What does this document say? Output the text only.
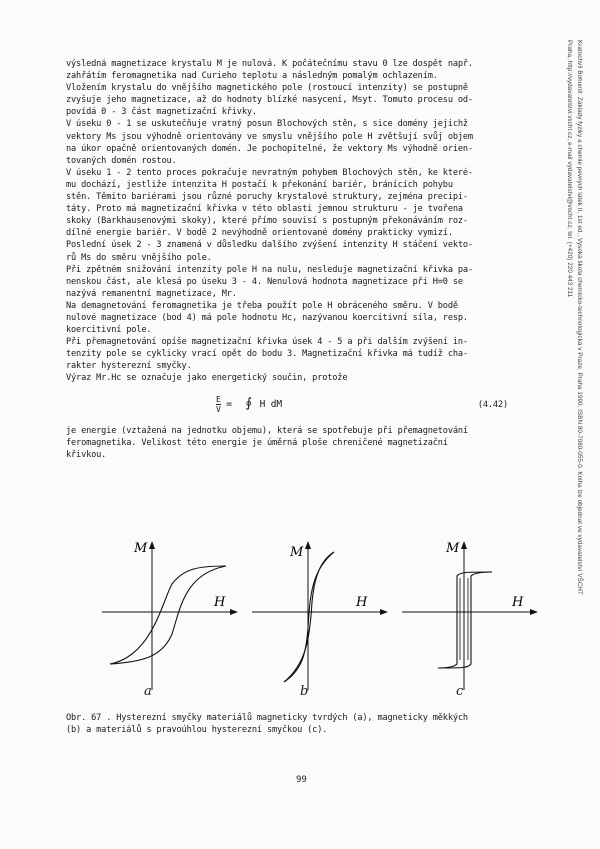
Kratochvíl Bohumil: Základy fyziky a chemie pevných látek II, 1st ed., Vysoká škola chemicko-technologická v Praze, Praha 1990, ISBN 80-7080-055-0. Kniha lze objednat ve vydavatelství VŠCHT Praha, http://vydavatelstvi.vscht.cz, e-mail vydavatelstvi@vscht.cz, tel. (+420) 220 443 211
výsledná magnetizace krystalu M je nulová. K počátečnímu stavu 0 lze dospět např.
zahřátím feromagnetika nad Curieho teplotu a následným pomalým ochlazením.
Vložením krystalu do vnějšího magnetického pole (rostoucí intenzity) se postupně
zvyšuje jeho magnetizace, až do hodnoty blízké nasycení, Msyt. Tomuto procesu od-
povídá 0 - 3 část magnetizační křivky.
V úseku 0 - 1 se uskutečňuje vratný posun Blochových stěn, s sice domény jejichž
vektory Ms jsou výhodně orientovány ve smyslu vnějšího pole H zvětšují svůj objem
na úkor opačně orientovaných domén. Je pochopitelné, že vektory Ms výhodně orien-
tovaných domén rostou.
V úseku 1 - 2 tento proces pokračuje nevratným pohybem Blochových stěn, ke které-
mu dochází, jestliže intenzita H postačí k překonání bariér, bránících pohybu
stěn. Těmito bariérami jsou různé poruchy krystalové struktury, zejména precipi-
táty. Proto má magnetizační křivka v této oblasti jemnou strukturu - je tvořena
skoky (Barkhausenovými skoky), které přímo souvisí s postupným překonáváním roz-
dílné energie bariér. V bodě 2 nevýhodně orientované domény prakticky vymizí.
Poslední úsek 2 - 3 znamená v důsledku dalšího zvýšení intenzity H stáčení vekto-
rů Ms do směru vnějšího pole.
Při zpětném snižování intenzity pole H na nulu, nesleduje magnetizační křivka pa-
nenskou část, ale klesá po úseku 3 - 4. Nenulová hodnota magnetizace při H=0 se
nazývá remanentní magnetizace, Mr.
Na demagnetování feromagnetika je třeba použít pole H obráceného směru. V bodě
nulové magnetizace (bod 4) má pole hodnotu Hc, nazývanou koercitivní síla, resp.
koercitivní pole.
Při přemagnetování opíše magnetizační křivka úsek 4 - 5 a při dalším zvýšení in-
tenzity pole se cyklicky vrací opět do bodu 3. Magnetizační křivka má tudíž cha-
rakter hysterezní smyčky.
Výraz Mr.Hc se označuje jako energetický součin, protože
$\frac{E}{V}$ = ∮ H dM	(4.42)
je energie (vztažená na jednotku objemu), která se spotřebuje při přemagnetování
feromagnetika. Velikost této energie je úměrná ploše chreničené magnetizační
křivkou.
M
H
M
H
M
H
a	b	c
Obr. 67 . Hysterezní smyčky materiálů magneticky tvrdých (a), magneticky měkkých
(b) a materiálů s pravoúhlou hysterezní smyčkou (c).
99
